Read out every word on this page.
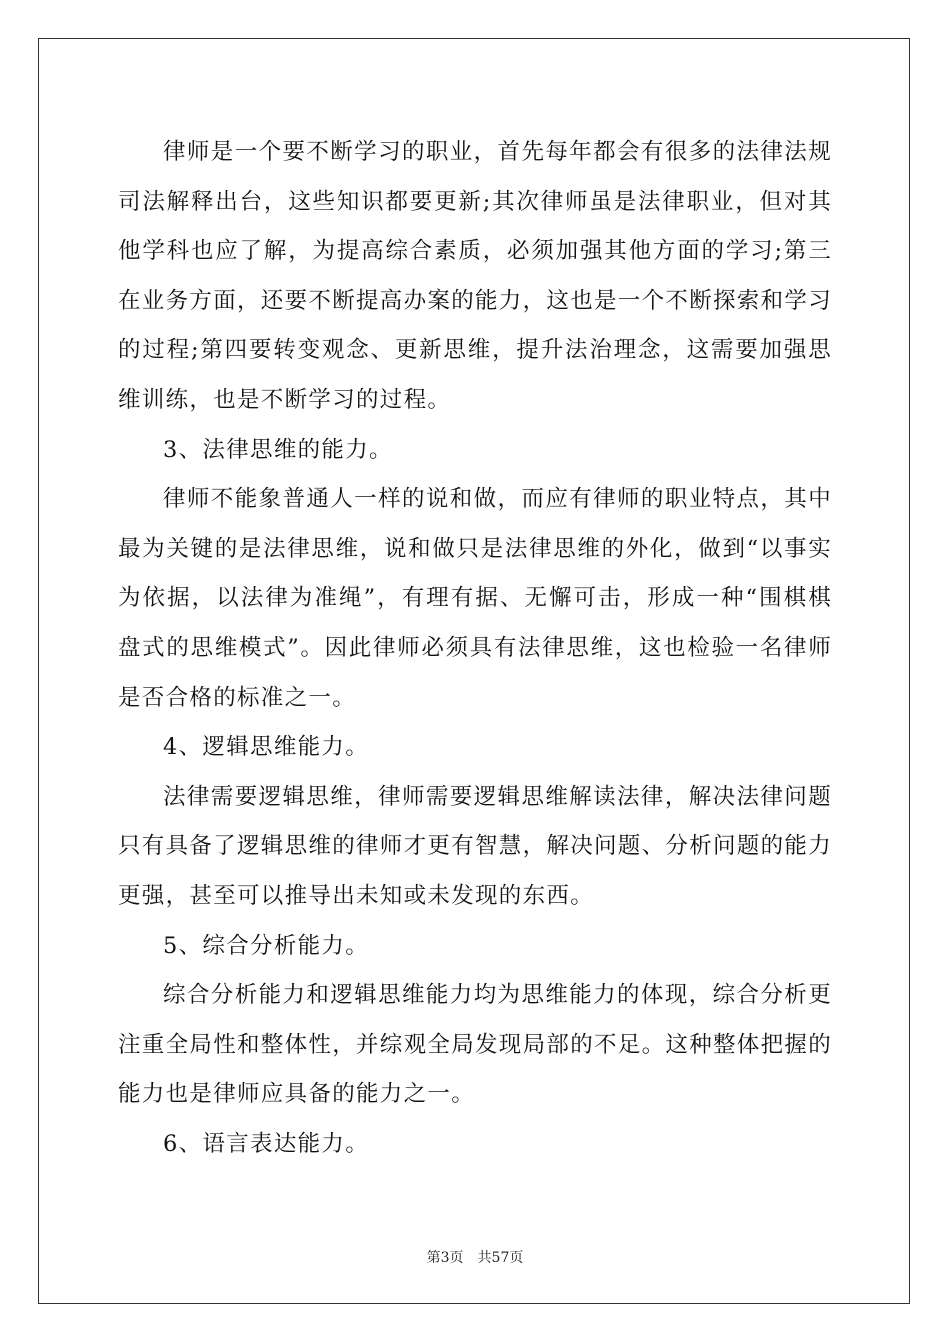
律师是一个要不断学习的职业，首先每年都会有很多的法律法规司法解释出台，这些知识都要更新;其次律师虽是法律职业，但对其他学科也应了解，为提高综合素质，必须加强其他方面的学习;第三在业务方面，还要不断提高办案的能力，这也是一个不断探索和学习的过程;第四要转变观念、更新思维，提升法治理念，这需要加强思维训练，也是不断学习的过程。

3、法律思维的能力。

律师不能象普通人一样的说和做，而应有律师的职业特点，其中最为关键的是法律思维，说和做只是法律思维的外化，做到“以事实为依据，以法律为准绳”，有理有据、无懈可击，形成一种“围棋棋盘式的思维模式”。因此律师必须具有法律思维，这也检验一名律师是否合格的标准之一。

4、逻辑思维能力。

法律需要逻辑思维，律师需要逻辑思维解读法律，解决法律问题只有具备了逻辑思维的律师才更有智慧，解决问题、分析问题的能力更强，甚至可以推导出未知或未发现的东西。

5、综合分析能力。

综合分析能力和逻辑思维能力均为思维能力的体现，综合分析更注重全局性和整体性，并综观全局发现局部的不足。这种整体把握的能力也是律师应具备的能力之一。

6、语言表达能力。

第3页　共57页
